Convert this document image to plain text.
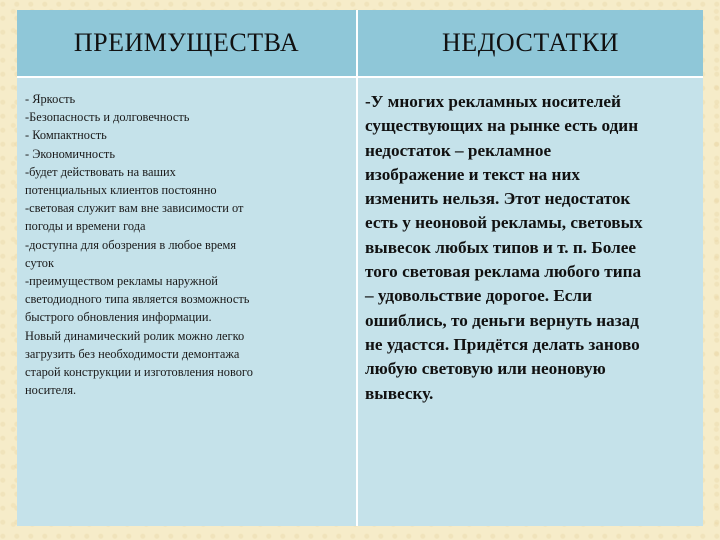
ПРЕИМУЩЕСТВА	НЕДОСТАТКИ
- Яркость
-Безопасность и долговечность
- Компактность
- Экономичность
-будет действовать на ваших
потенциальных клиентов постоянно
-световая служит вам вне зависимости от
погоды и времени года
-доступна для обозрения в любое время
суток
-преимуществом рекламы наружной
светодиодного типа является возможность
быстрого обновления информации.
Новый динамический ролик можно легко
загрузить без необходимости демонтажа
старой конструкции и изготовления нового
носителя.

-У многих рекламных носителей
существующих на рынке есть один
недостаток – рекламное
изображение и текст на них
изменить нельзя. Этот недостаток
есть у неоновой рекламы, световых
вывесок любых типов и т. п. Более
того световая реклама любого типа
– удовольствие дорогое. Если
ошиблись, то деньги вернуть назад
не удастся. Придётся делать заново
любую световую или неоновую
вывеску.
